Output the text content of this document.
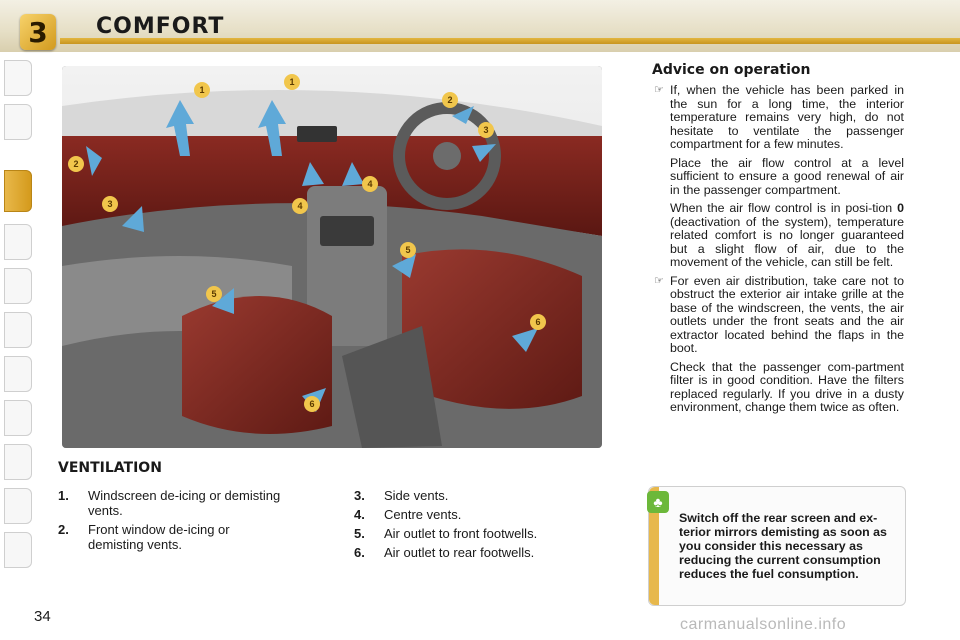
3	COMFORT
1
1
2
2
3
3
4
4
5
5
6
6
VENTILATION
1.	Windscreen de-icing or demisting vents.
2.	Front window de-icing or demisting vents.
3.	Side vents.
4.	Centre vents.
5.	Air outlet to front footwells.
6.	Air outlet to rear footwells.
Advice on operation

☞ If, when the vehicle has been parked in the sun for a long time, the interior temperature remains very high, do not hesitate to ventilate the passenger compartment for a few minutes.

Place the air flow control at a level sufficient to ensure a good renewal of air in the passenger compartment.

When the air flow control is in posi-tion 0 (deactivation of the system), temperature related comfort is no longer guaranteed but a slight flow of air, due to the movement of the vehicle, can still be felt.

☞ For even air distribution, take care not to obstruct the exterior air intake grille at the base of the windscreen, the vents, the air outlets under the front seats and the air extractor located behind the flaps in the boot.

Check that the passenger com-partment filter is in good condition. Have the filters replaced regularly. If you drive in a dusty environment, change them twice as often.

♣
Switch off the rear screen and ex-terior mirrors demisting as soon as you consider this necessary as reducing the current consumption reduces the fuel consumption.
34	carmanualsonline.info
